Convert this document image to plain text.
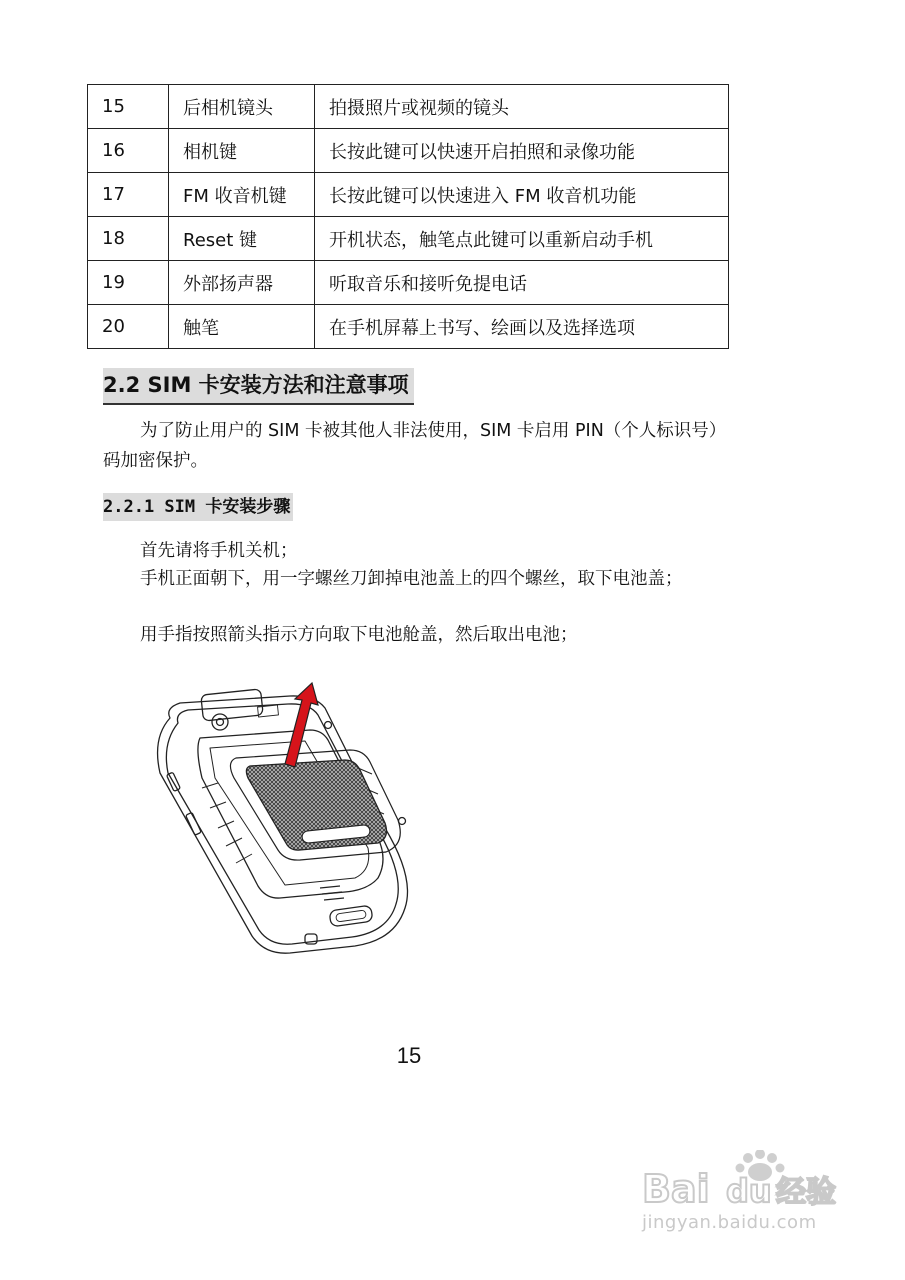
15	后相机镜头	拍摄照片或视频的镜头
16	相机键	长按此键可以快速开启拍照和录像功能
17	FM 收音机键	长按此键可以快速进入 FM 收音机功能
18	Reset 键	开机状态，触笔点此键可以重新启动手机
19	外部扬声器	听取音乐和接听免提电话
20	触笔	在手机屏幕上书写、绘画以及选择选项
2.2 SIM 卡安装方法和注意事项

为了防止用户的 SIM 卡被其他人非法使用，SIM 卡启用 PIN（个人标识号）码加密保护。

2.2.1 SIM 卡安装步骤

首先请将手机关机；

手机正面朝下，用一字螺丝刀卸掉电池盖上的四个螺丝，取下电池盖；

用手指按照箭头指示方向取下电池舱盖，然后取出电池；

15
Bai du 经验
jingyan.baidu.com
